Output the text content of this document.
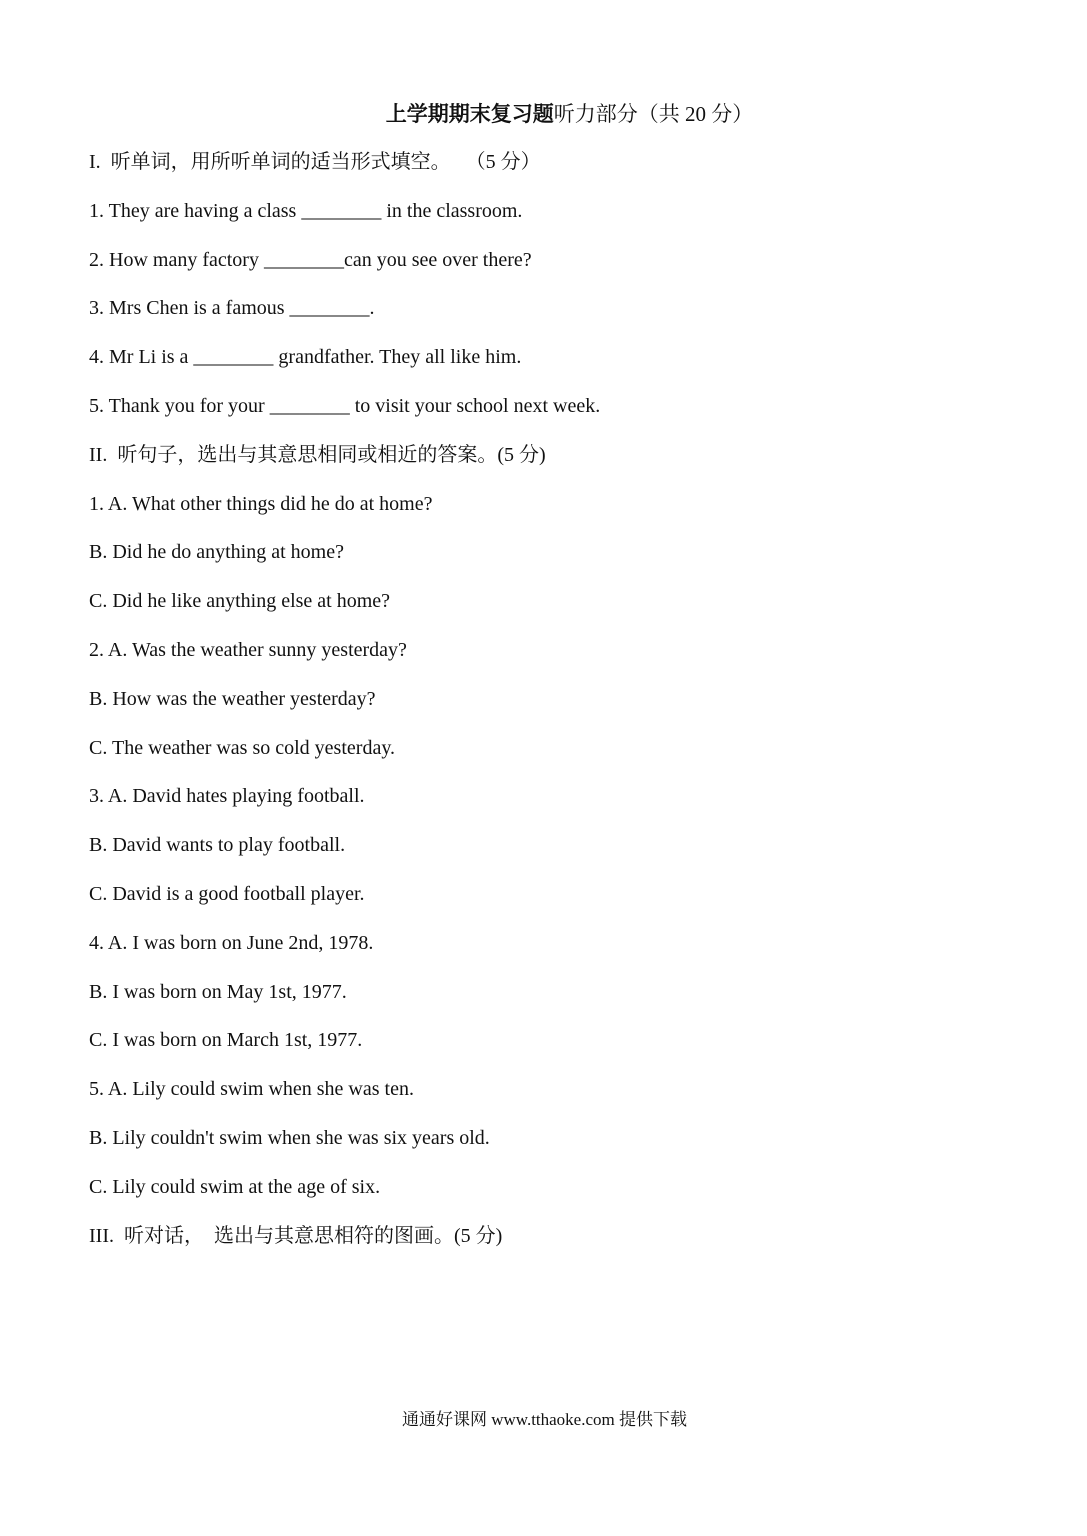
上学期期末复习题听力部分（共 20 分）
I.  听单词，用所听单词的适当形式填空。   （5 分）
1. They are having a class ________ in the classroom.
2. How many factory ________can you see over there?
3. Mrs Chen is a famous ________.
4. Mr Li is a ________ grandfather. They all like him.
5. Thank you for your ________ to visit your school next week.
II.  听句子，选出与其意思相同或相近的答案。(5 分)
1. A. What other things did he do at home?
B. Did he do anything at home?
C. Did he like anything else at home?
2. A. Was the weather sunny yesterday?
B. How was the weather yesterday?
C. The weather was so cold yesterday.
3. A. David hates playing football.
B. David wants to play football.
C. David is a good football player.
4. A. I was born on June 2nd, 1978.
B. I was born on May 1st, 1977.
C. I was born on March 1st, 1977.
5. A. Lily could swim when she was ten.
B. Lily couldn't swim when she was six years old.
C. Lily could swim at the age of six.
III.  听对话，  选出与其意思相符的图画。(5 分)
通通好课网 www.tthaoke.com 提供下载
